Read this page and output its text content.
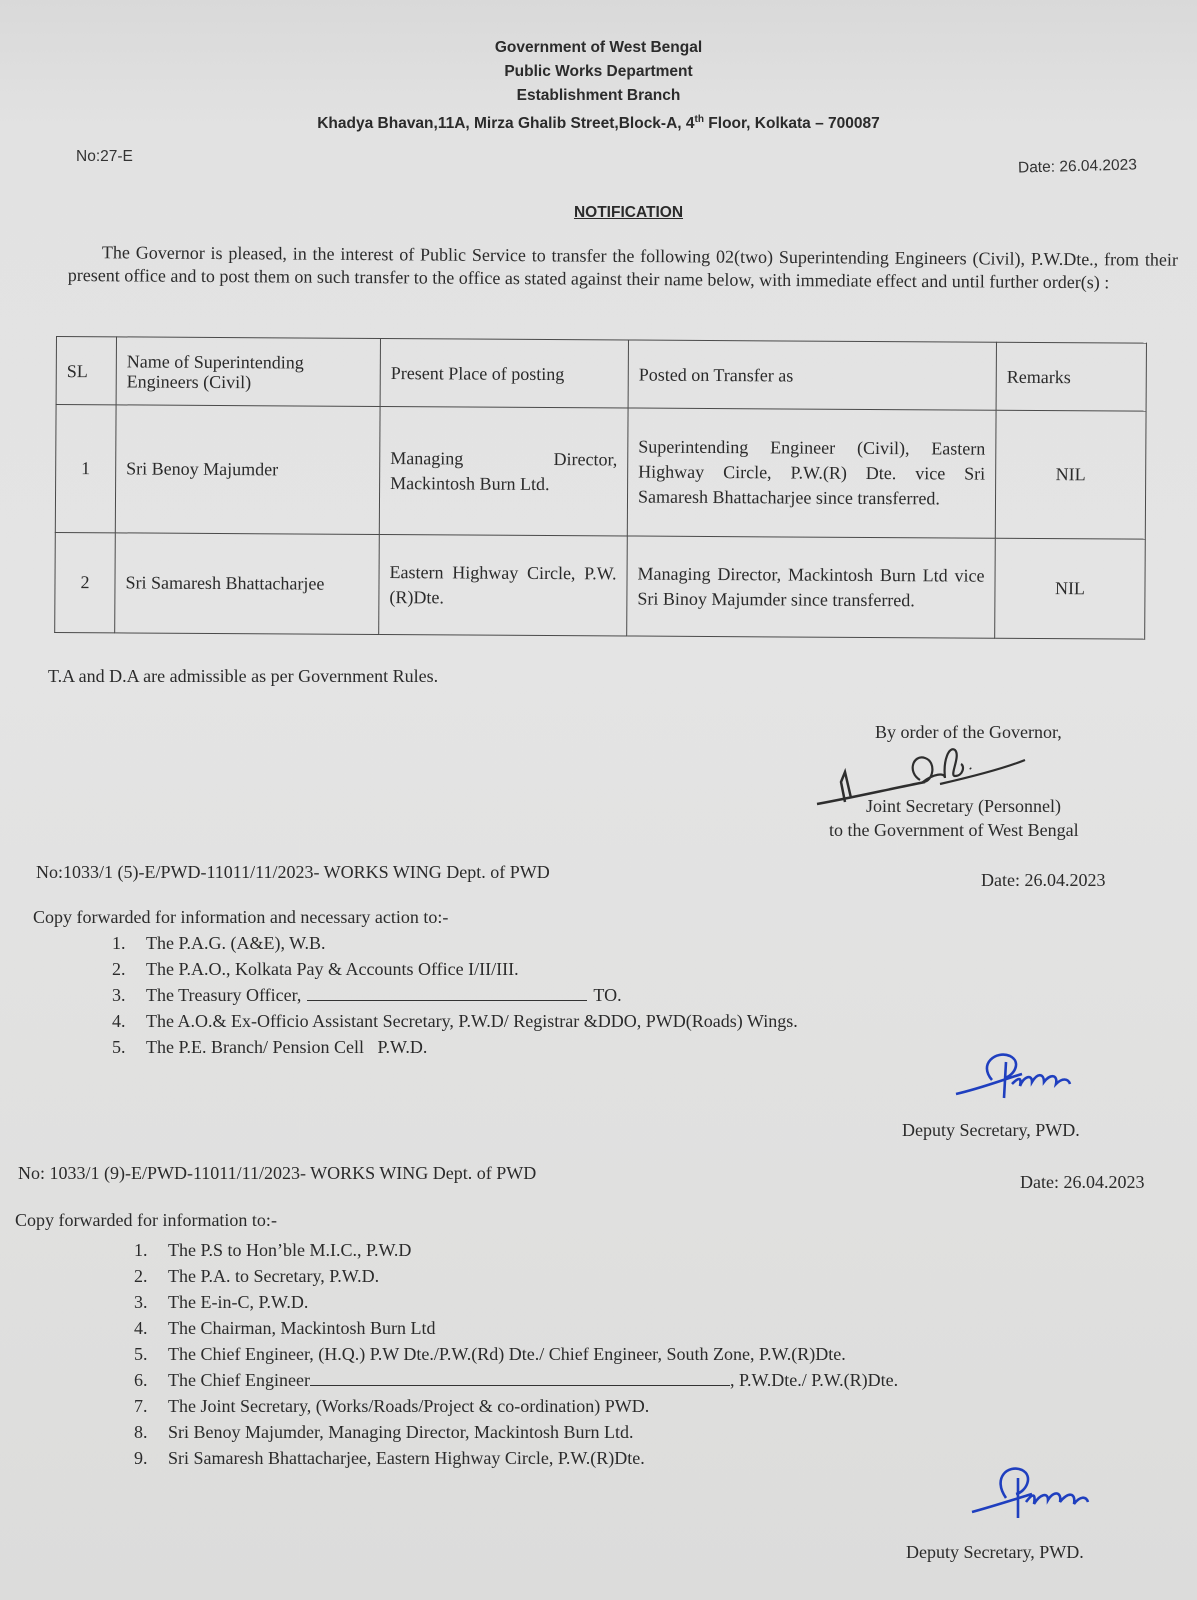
Government of West Bengal
Public Works Department
Establishment Branch
Khadya Bhavan,11A, Mirza Ghalib Street,Block-A, 4th Floor, Kolkata – 700087
No:27-E	Date: 26.04.2023
NOTIFICATION
The Governor is pleased, in the interest of Public Service to transfer the following 02(two) Superintending Engineers (Civil), P.W.Dte., from their present office and to post them on such transfer to the office as stated against their name below, with immediate effect and until further order(s) :
SL	Name of Superintending Engineers (Civil)	Present Place of posting	Posted on Transfer as	Remarks
1	Sri Benoy Majumder	Managing Director, Mackintosh Burn Ltd.	Superintending Engineer (Civil), Eastern Highway Circle, P.W.(R) Dte. vice Sri Samaresh Bhattacharjee since transferred.	NIL
2	Sri Samaresh Bhattacharjee	Eastern Highway Circle, P.W.(R)Dte.	Managing Director, Mackintosh Burn Ltd vice Sri Binoy Majumder since transferred.	NIL
T.A and D.A are admissible as per Government Rules.
By order of the Governor,
Joint Secretary (Personnel)
to the Government of West Bengal
No:1033/1 (5)-E/PWD-11011/11/2023- WORKS WING Dept. of PWD	Date: 26.04.2023
Copy forwarded for information and necessary action to:-
1.	The P.A.G. (A&E), W.B.
2.	The P.A.O., Kolkata Pay & Accounts Office I/II/III.
3.	The Treasury Officer,	TO.
4.	The A.O.& Ex-Officio Assistant Secretary, P.W.D/ Registrar &DDO, PWD(Roads) Wings.
5.	The P.E. Branch/ Pension Cell   P.W.D.
Deputy Secretary, PWD.
No: 1033/1 (9)-E/PWD-11011/11/2023- WORKS WING Dept. of PWD	Date: 26.04.2023
Copy forwarded for information to:-
1.	The P.S to Hon’ble M.I.C., P.W.D
2.	The P.A. to Secretary, P.W.D.
3.	The E-in-C, P.W.D.
4.	The Chairman, Mackintosh Burn Ltd
5.	The Chief Engineer, (H.Q.) P.W Dte./P.W.(Rd) Dte./ Chief Engineer, South Zone, P.W.(R)Dte.
6.	The Chief Engineer	, P.W.Dte./ P.W.(R)Dte.
7.	The Joint Secretary, (Works/Roads/Project & co-ordination) PWD.
8.	Sri Benoy Majumder, Managing Director, Mackintosh Burn Ltd.
9.	Sri Samaresh Bhattacharjee, Eastern Highway Circle, P.W.(R)Dte.
Deputy Secretary, PWD.
